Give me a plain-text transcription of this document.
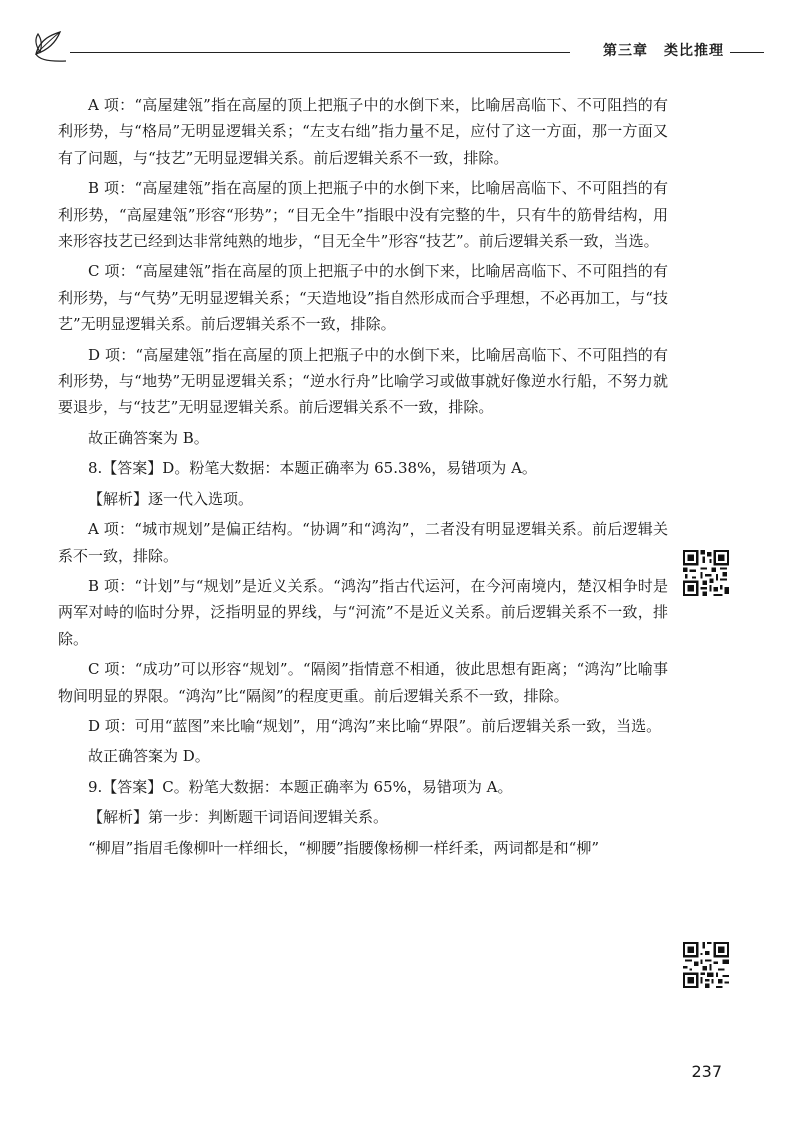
第三章 类比推理

A 项：“高屋建瓴”指在高屋的顶上把瓶子中的水倒下来，比喻居高临下、不可阻挡的有利形势，与“格局”无明显逻辑关系；“左支右绌”指力量不足，应付了这一方面，那一方面又有了问题，与“技艺”无明显逻辑关系。前后逻辑关系不一致，排除。

B 项：“高屋建瓴”指在高屋的顶上把瓶子中的水倒下来，比喻居高临下、不可阻挡的有利形势，“高屋建瓴”形容“形势”；“目无全牛”指眼中没有完整的牛，只有牛的筋骨结构，用来形容技艺已经到达非常纯熟的地步，“目无全牛”形容“技艺”。前后逻辑关系一致，当选。

C 项：“高屋建瓴”指在高屋的顶上把瓶子中的水倒下来，比喻居高临下、不可阻挡的有利形势，与“气势”无明显逻辑关系；“天造地设”指自然形成而合乎理想，不必再加工，与“技艺”无明显逻辑关系。前后逻辑关系不一致，排除。

D 项：“高屋建瓴”指在高屋的顶上把瓶子中的水倒下来，比喻居高临下、不可阻挡的有利形势，与“地势”无明显逻辑关系；“逆水行舟”比喻学习或做事就好像逆水行船，不努力就要退步，与“技艺”无明显逻辑关系。前后逻辑关系不一致，排除。

故正确答案为 B。

8.【答案】D。粉笔大数据：本题正确率为 65.38%，易错项为 A。

【解析】逐一代入选项。

A 项：“城市规划”是偏正结构。“协调”和“鸿沟”，二者没有明显逻辑关系。前后逻辑关系不一致，排除。

B 项：“计划”与“规划”是近义关系。“鸿沟”指古代运河，在今河南境内，楚汉相争时是两军对峙的临时分界，泛指明显的界线，与“河流”不是近义关系。前后逻辑关系不一致，排除。

C 项：“成功”可以形容“规划”。“隔阂”指情意不相通，彼此思想有距离；“鸿沟”比喻事物间明显的界限。“鸿沟”比“隔阂”的程度更重。前后逻辑关系不一致，排除。

D 项：可用“蓝图”来比喻“规划”，用“鸿沟”来比喻“界限”。前后逻辑关系一致，当选。

故正确答案为 D。

9.【答案】C。粉笔大数据：本题正确率为 65%，易错项为 A。

【解析】第一步：判断题干词语间逻辑关系。

“柳眉”指眉毛像柳叶一样细长，“柳腰”指腰像杨柳一样纤柔，两词都是和“柳”

237
